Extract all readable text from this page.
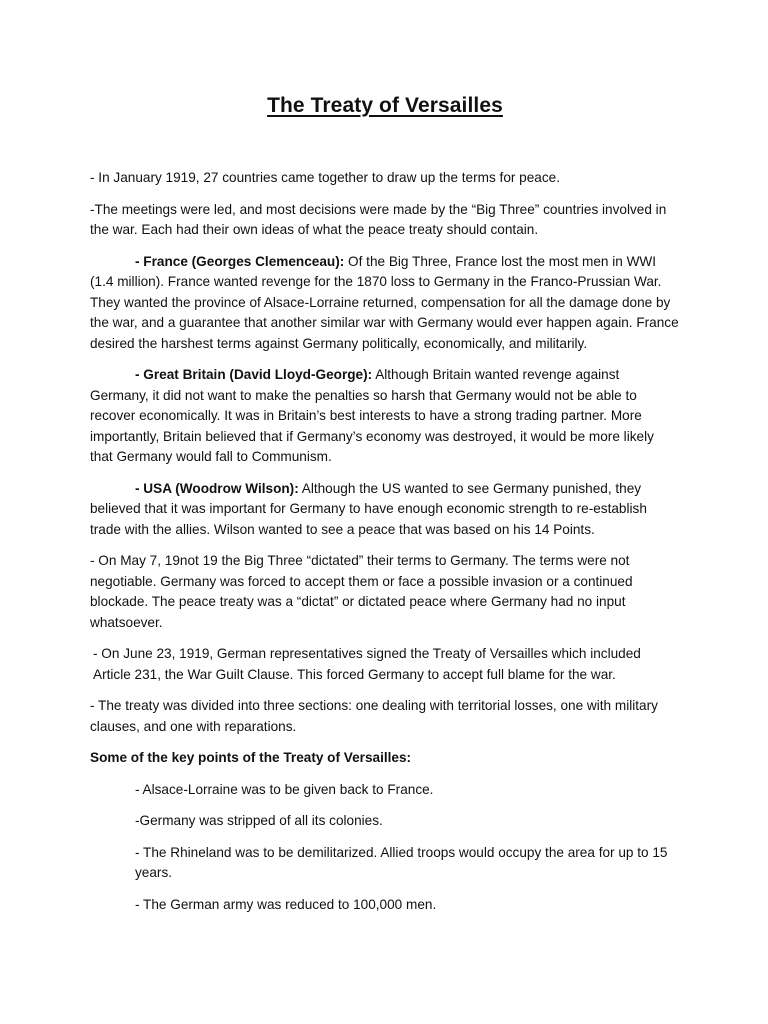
The Treaty of Versailles

- In January 1919, 27 countries came together to draw up the terms for peace.

-The meetings were led, and most decisions were made by the “Big Three” countries involved in the war. Each had their own ideas of what the peace treaty should contain.

- France (Georges Clemenceau): Of the Big Three, France lost the most men in WWI (1.4 million). France wanted revenge for the 1870 loss to Germany in the Franco-Prussian War. They wanted the province of Alsace-Lorraine returned, compensation for all the damage done by the war, and a guarantee that another similar war with Germany would ever happen again. France desired the harshest terms against Germany politically, economically, and militarily.

- Great Britain (David Lloyd-George): Although Britain wanted revenge against Germany, it did not want to make the penalties so harsh that Germany would not be able to recover economically. It was in Britain’s best interests to have a strong trading partner. More importantly, Britain believed that if Germany’s economy was destroyed, it would be more likely that Germany would fall to Communism.

- USA (Woodrow Wilson): Although the US wanted to see Germany punished, they believed that it was important for Germany to have enough economic strength to re-establish trade with the allies. Wilson wanted to see a peace that was based on his 14 Points.

- On May 7, 19not 19 the Big Three “dictated” their terms to Germany. The terms were not negotiable. Germany was forced to accept them or face a possible invasion or a continued blockade. The peace treaty was a “dictat” or dictated peace where Germany had no input whatsoever.

- On June 23, 1919, German representatives signed the Treaty of Versailles which included Article 231, the War Guilt Clause. This forced Germany to accept full blame for the war.

- The treaty was divided into three sections: one dealing with territorial losses, one with military clauses, and one with reparations.

Some of the key points of the Treaty of Versailles:

- Alsace-Lorraine was to be given back to France.

-Germany was stripped of all its colonies.

- The Rhineland was to be demilitarized. Allied troops would occupy the area for up to 15 years.

- The German army was reduced to 100,000 men.
